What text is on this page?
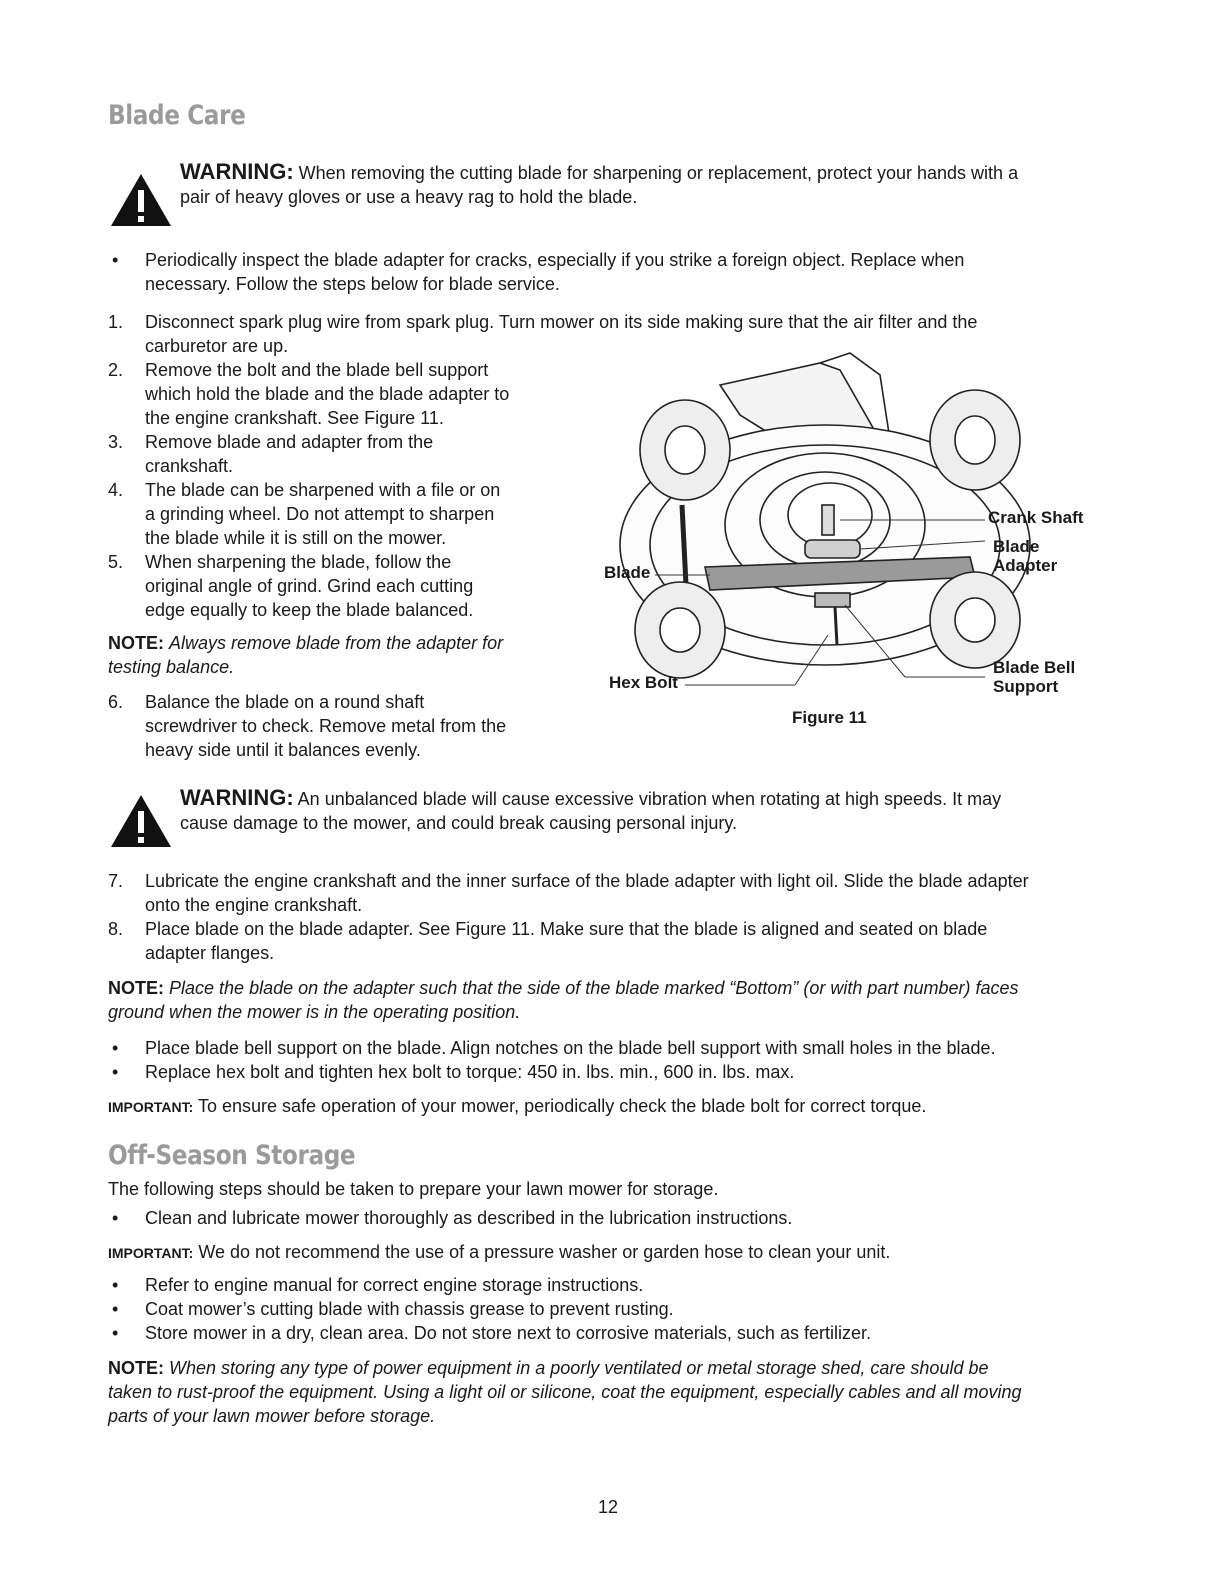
Blade Care
WARNING: When removing the cutting blade for sharpening or replacement, protect your hands with a
pair of heavy gloves or use a heavy rag to hold the blade.
• Periodically inspect the blade adapter for cracks, especially if you strike a foreign object. Replace when
necessary. Follow the steps below for blade service.
1. Disconnect spark plug wire from spark plug. Turn mower on its side making sure that the air filter and the
carburetor are up.
2. Remove the bolt and the blade bell support
which hold the blade and the blade adapter to
the engine crankshaft. See Figure 11.
3. Remove blade and adapter from the
crankshaft.
4. The blade can be sharpened with a file or on
a grinding wheel. Do not attempt to sharpen
the blade while it is still on the mower.
5. When sharpening the blade, follow the
original angle of grind. Grind each cutting
edge equally to keep the blade balanced.
NOTE: Always remove blade from the adapter for
testing balance.
6. Balance the blade on a round shaft
screwdriver to check. Remove metal from the
heavy side until it balances evenly.
Crank Shaft
Blade
Adapter
Blade
Hex Bolt
Blade Bell
Support
Figure 11
WARNING: An unbalanced blade will cause excessive vibration when rotating at high speeds. It may
cause damage to the mower, and could break causing personal injury.
7. Lubricate the engine crankshaft and the inner surface of the blade adapter with light oil. Slide the blade adapter
onto the engine crankshaft.
8. Place blade on the blade adapter. See Figure 11. Make sure that the blade is aligned and seated on blade
adapter flanges.
NOTE: Place the blade on the adapter such that the side of the blade marked “Bottom” (or with part number) faces
ground when the mower is in the operating position.
• Place blade bell support on the blade. Align notches on the blade bell support with small holes in the blade.
• Replace hex bolt and tighten hex bolt to torque: 450 in. lbs. min., 600 in. lbs. max.
IMPORTANT: To ensure safe operation of your mower, periodically check the blade bolt for correct torque.
Off-Season Storage
The following steps should be taken to prepare your lawn mower for storage.
• Clean and lubricate mower thoroughly as described in the lubrication instructions.
IMPORTANT: We do not recommend the use of a pressure washer or garden hose to clean your unit.
• Refer to engine manual for correct engine storage instructions.
• Coat mower’s cutting blade with chassis grease to prevent rusting.
• Store mower in a dry, clean area. Do not store next to corrosive materials, such as fertilizer.
NOTE: When storing any type of power equipment in a poorly ventilated or metal storage shed, care should be
taken to rust-proof the equipment. Using a light oil or silicone, coat the equipment, especially cables and all moving
parts of your lawn mower before storage.
12
